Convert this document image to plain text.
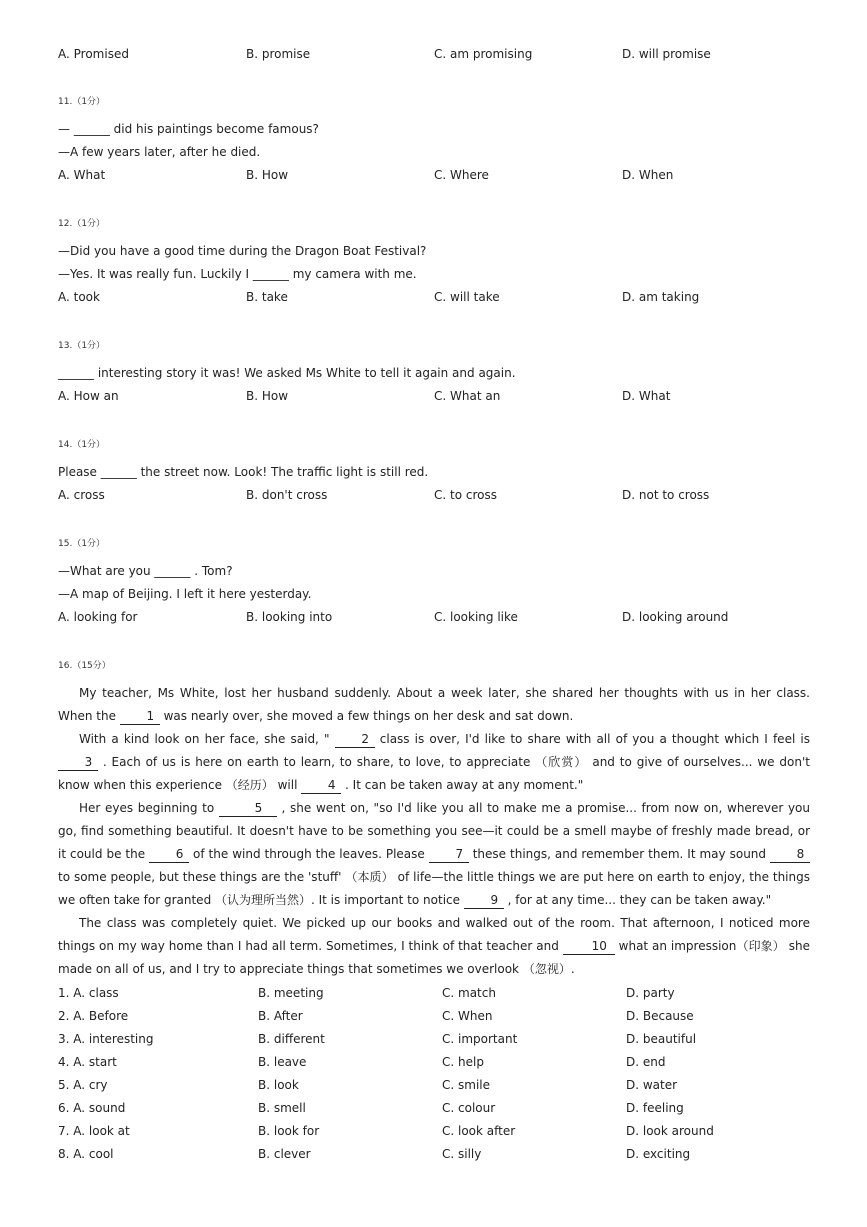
A. Promised	B. promise	C. am promising	D. will promise
11.（1分）
— ______ did his paintings become famous?
—A few years later, after he died.
A. What	B. How	C. Where	D. When
12.（1分）
—Did you have a good time during the Dragon Boat Festival?
—Yes. It was really fun. Luckily I ______ my camera with me.
A. took	B. take	C. will take	D. am taking
13.（1分）
______ interesting story it was! We asked Ms White to tell it again and again.
A. How an	B. How	C. What an	D. What
14.（1分）
Please ______ the street now. Look! The traffic light is still red.
A. cross	B. don't cross	C. to cross	D. not to cross
15.（1分）
—What are you ______ . Tom?
—A map of Beijing. I left it here yesterday.
A. looking for	B. looking into	C. looking like	D. looking around
16.（15分）
My teacher, Ms White, lost her husband suddenly. About a week later, she shared her thoughts with us in her class. When the 1 was nearly over, she moved a few things on her desk and sat down.
With a kind look on her face, she said, " 2 class is over, I'd like to share with all of you a thought which I feel is 3 . Each of us is here on earth to learn, to share, to love, to appreciate （欣赏） and to give of ourselves... we don't know when this experience （经历） will 4 . It can be taken away at any moment."
Her eyes beginning to	5 , she went on, "so I'd like you all to make me a promise... from now on, wherever you go, find something beautiful. It doesn't have to be something you see—it could be a smell maybe of freshly made bread, or it could be the 6 of the wind through the leaves. Please 7 these things, and remember them. It may sound 8 to some people, but these things are the 'stuff' （本质） of life—the little things we are put here on earth to enjoy, the things we often take for granted （认为理所当然）. It is important to notice 9 , for at any time... they can be taken away."
The class was completely quiet. We picked up our books and walked out of the room. That afternoon, I noticed more things on my way home than I had all term. Sometimes, I think of that teacher and 10 what an impression（印象） she made on all of us, and I try to appreciate things that sometimes we overlook （忽视）.
1. A. class	B. meeting	C. match	D. party
2. A. Before	B. After	C. When	D. Because
3. A. interesting	B. different	C. important	D. beautiful
4. A. start	B. leave	C. help	D. end
5. A. cry	B. look	C. smile	D. water
6. A. sound	B. smell	C. colour	D. feeling
7. A. look at	B. look for	C. look after	D. look around
8. A. cool	B. clever	C. silly	D. exciting
